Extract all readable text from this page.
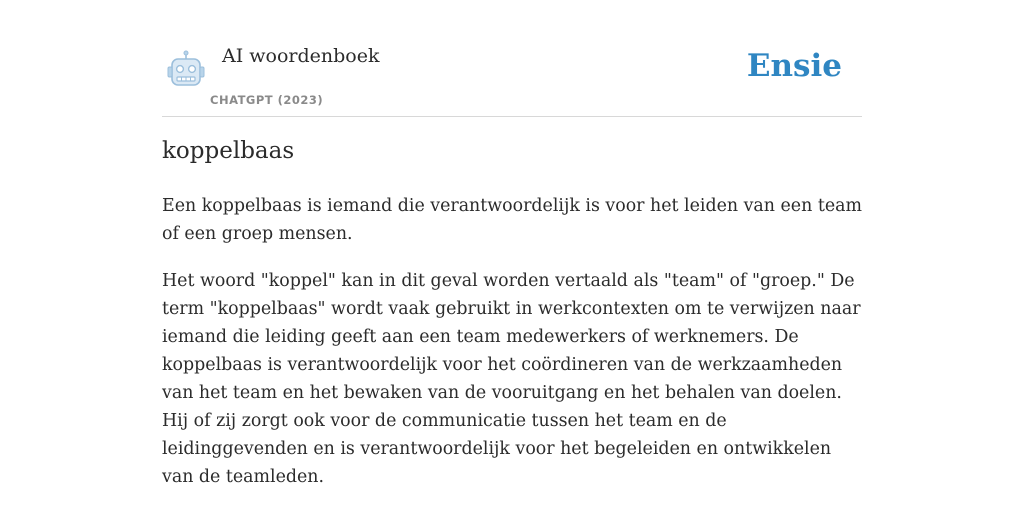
AI woordenboek
CHATGPT (2023)
Ensie
koppelbaas

Een koppelbaas is iemand die verantwoordelijk is voor het leiden van een team of een groep mensen.

Het woord "koppel" kan in dit geval worden vertaald als "team" of "groep." De term "koppelbaas" wordt vaak gebruikt in werkcontexten om te verwijzen naar iemand die leiding geeft aan een team medewerkers of werknemers. De koppelbaas is verantwoordelijk voor het coördineren van de werkzaamheden van het team en het bewaken van de vooruitgang en het behalen van doelen. Hij of zij zorgt ook voor de communicatie tussen het team en de leidinggevenden en is verantwoordelijk voor het begeleiden en ontwikkelen van de teamleden.
